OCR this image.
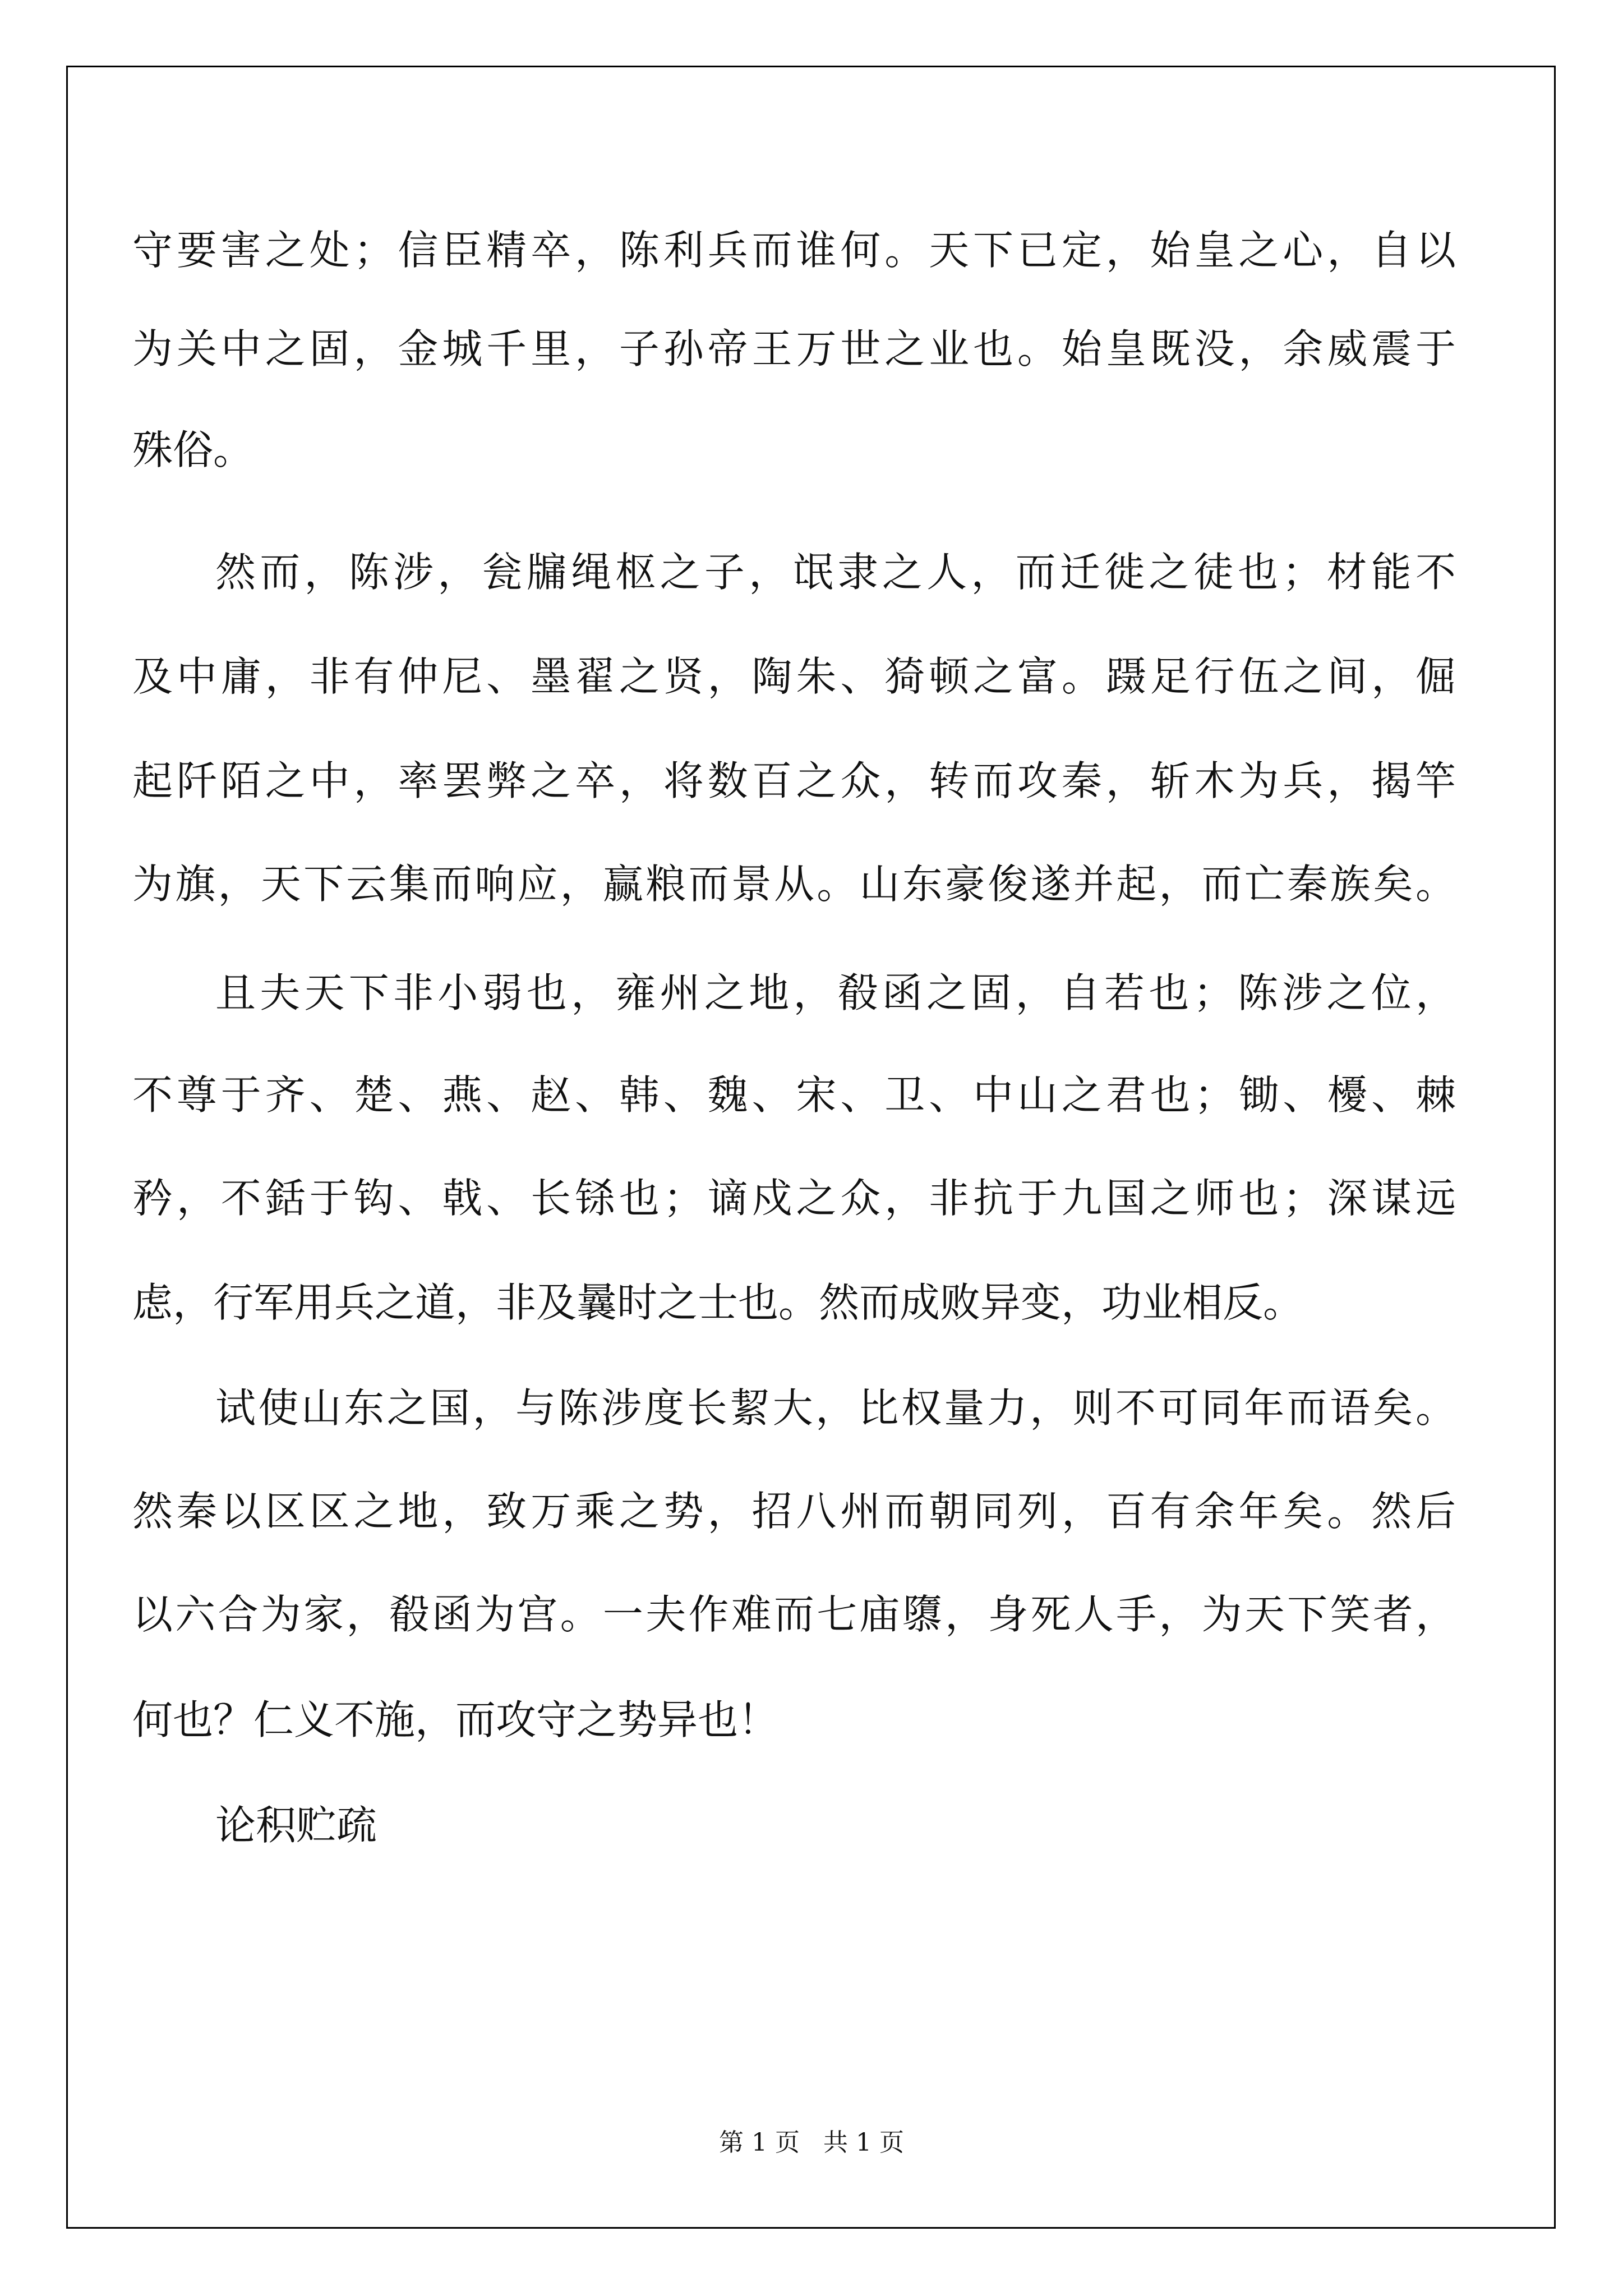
守要害之处；信臣精卒，陈利兵而谁何。天下已定，始皇之心，自以
为关中之固，金城千里，子孙帝王万世之业也。始皇既没，余威震于
殊俗。
然而，陈涉，瓮牖绳枢之子，氓隶之人，而迁徙之徒也；材能不
及中庸，非有仲尼、墨翟之贤，陶朱、猗顿之富。蹑足行伍之间，倔
起阡陌之中，率罢弊之卒，将数百之众，转而攻秦，斩木为兵，揭竿
为旗，天下云集而响应，赢粮而景从。山东豪俊遂并起，而亡秦族矣。
且夫天下非小弱也，雍州之地，殽函之固，自若也；陈涉之位，
不尊于齐、楚、燕、赵、韩、魏、宋、卫、中山之君也；锄、櫌、棘
矜，不銛于钩、戟、长铩也；谪戍之众，非抗于九国之师也；深谋远
虑，行军用兵之道，非及曩时之士也。然而成败异变，功业相反。
试使山东之国，与陈涉度长絜大，比权量力，则不可同年而语矣。
然秦以区区之地，致万乘之势，招八州而朝同列，百有余年矣。然后
以六合为家，殽函为宫。一夫作难而七庙隳，身死人手，为天下笑者，
何也？仁义不施，而攻守之势异也！
论积贮疏
第 1 页   共 1 页
